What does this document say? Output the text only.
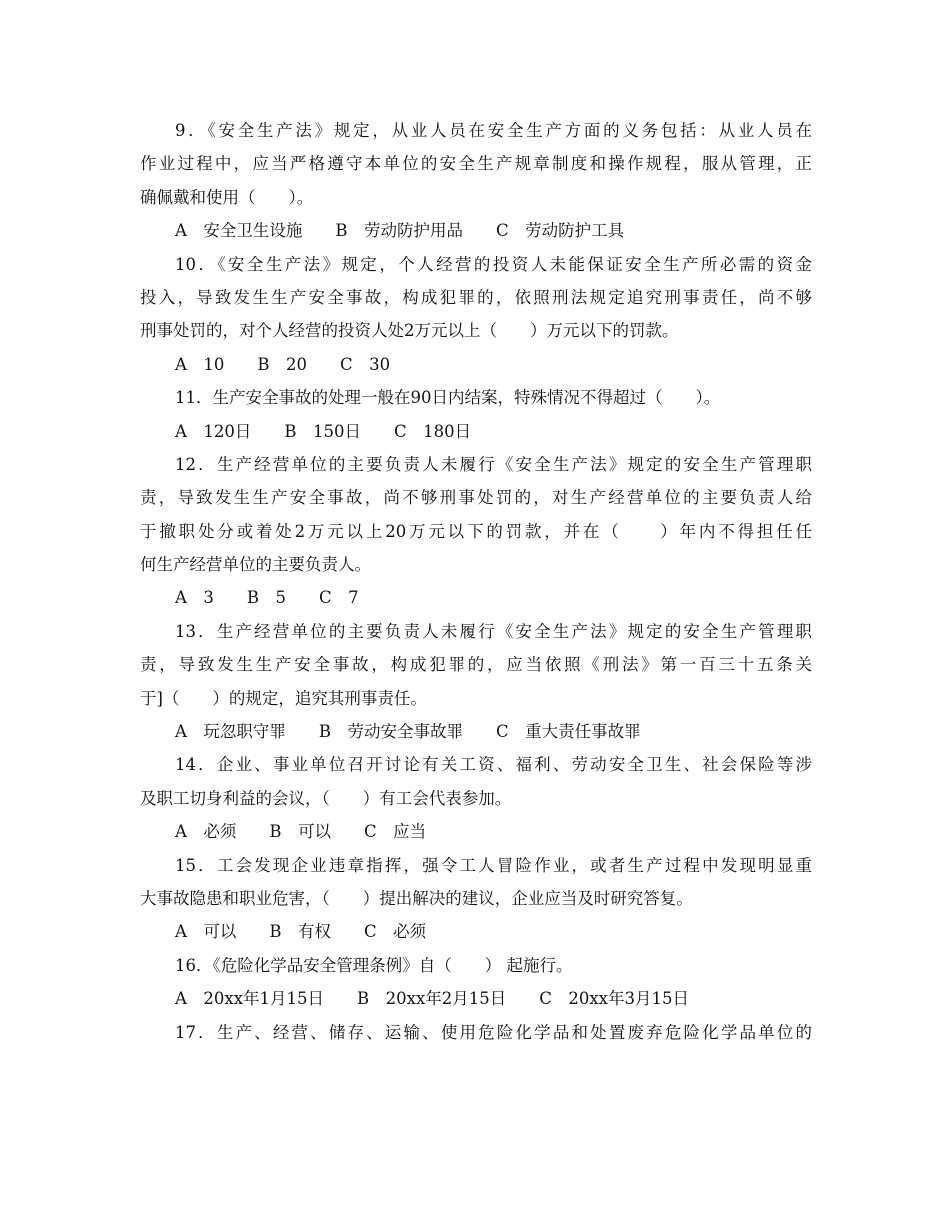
9．《安全生产法》规定，从业人员在安全生产方面的义务包括：从业人员在
作业过程中，应当严格遵守本单位的安全生产规章制度和操作规程，服从管理，正
确佩戴和使用（　　）。
A　安全卫生设施　　B　劳动防护用品　　C　劳动防护工具
10．《安全生产法》规定，个人经营的投资人未能保证安全生产所必需的资金
投入，导致发生生产安全事故，构成犯罪的，依照刑法规定追究刑事责任，尚不够
刑事处罚的，对个人经营的投资人处2万元以上（　　）万元以下的罚款。
A　10　　B　20　　C　30
11．生产安全事故的处理一般在90日内结案，特殊情况不得超过（　　）。
A　120日　　B　150日　　C　180日
12．生产经营单位的主要负责人未履行《安全生产法》规定的安全生产管理职
责，导致发生生产安全事故，尚不够刑事处罚的，对生产经营单位的主要负责人给
于撤职处分或着处2万元以上20万元以下的罚款，并在（　　）年内不得担任任
何生产经营单位的主要负责人。
A　3　　B　5　　C　7
13．生产经营单位的主要负责人未履行《安全生产法》规定的安全生产管理职
责，导致发生生产安全事故，构成犯罪的，应当依照《刑法》第一百三十五条关
于]（　　）的规定，追究其刑事责任。
A　玩忽职守罪　　B　劳动安全事故罪　　C　重大责任事故罪
14．企业、事业单位召开讨论有关工资、福利、劳动安全卫生、社会保险等涉
及职工切身利益的会议，（　　）有工会代表参加。
A　必须　　B　可以　　C　应当
15．工会发现企业违章指挥，强令工人冒险作业，或者生产过程中发现明显重
大事故隐患和职业危害，（　　）提出解决的建议，企业应当及时研究答复。
A　可以　　B　有权　　C　必须
16．《危险化学品安全管理条例》自（　　） 起施行。
A　20xx年1月15日　　B　20xx年2月15日　　C　20xx年3月15日
17．生产、经营、储存、运输、使用危险化学品和处置废弃危险化学品单位的
